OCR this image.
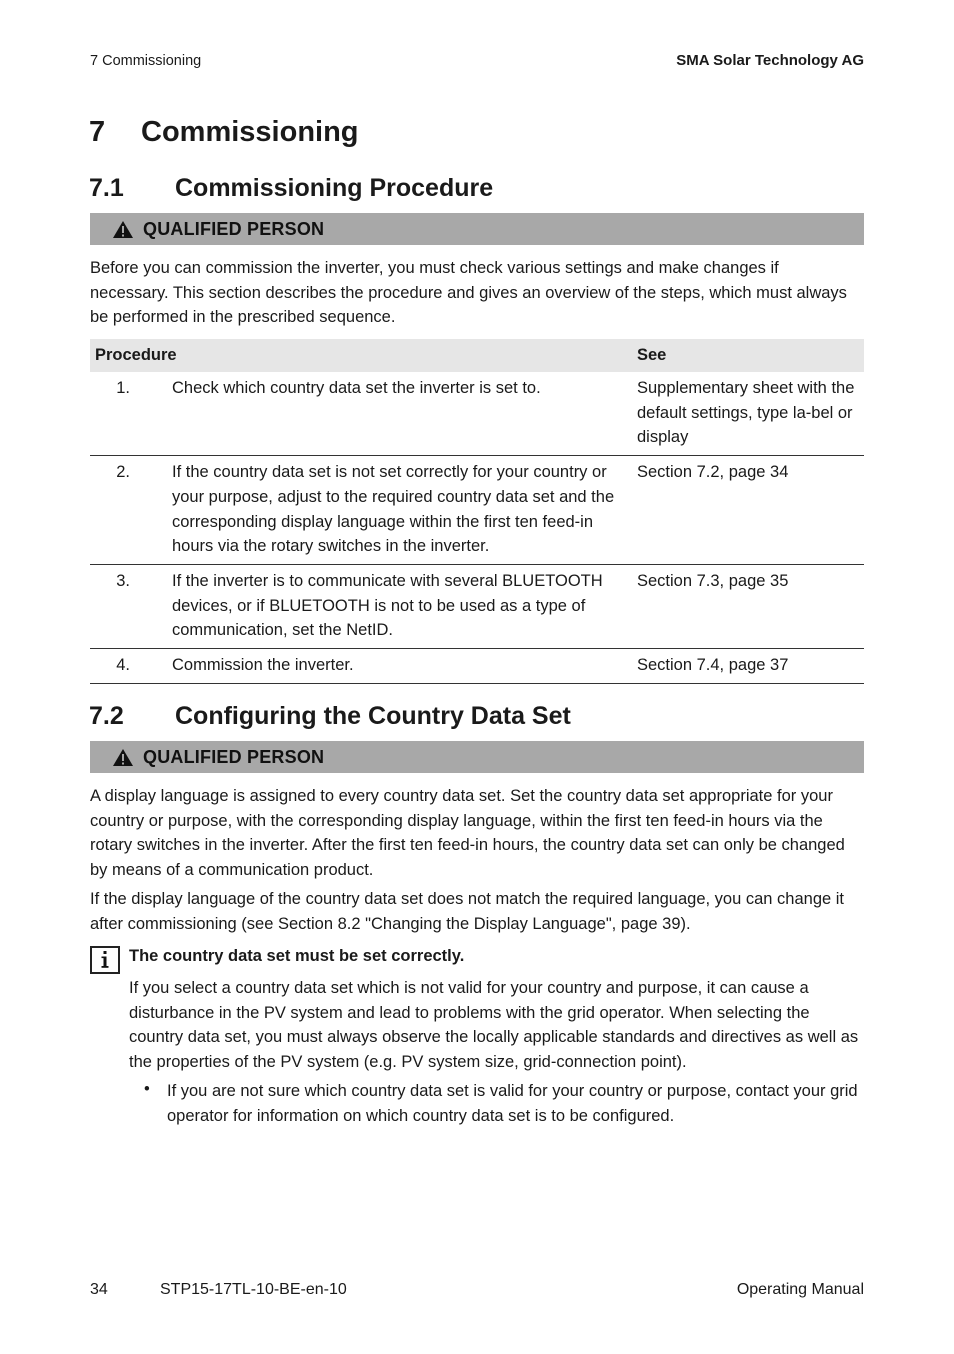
7 Commissioning	SMA Solar Technology AG
7	Commissioning
7.1	Commissioning Procedure
QUALIFIED PERSON
Before you can commission the inverter, you must check various settings and make changes if necessary. This section describes the procedure and gives an overview of the steps, which must always be performed in the prescribed sequence.
Procedure		See
1.	Check which country data set the inverter is set to.	Supplementary sheet with the default settings, type la-bel or display
2.	If the country data set is not set correctly for your country or your purpose, adjust to the required country data set and the corresponding display language within the first ten feed-in hours via the rotary switches in the inverter.	Section 7.2, page 34
3.	If the inverter is to communicate with several BLUETOOTH devices, or if BLUETOOTH is not to be used as a type of communication, set the NetID.	Section 7.3, page 35
4.	Commission the inverter.	Section 7.4, page 37
7.2	Configuring the Country Data Set
QUALIFIED PERSON
A display language is assigned to every country data set. Set the country data set appropriate for your country or purpose, with the corresponding display language, within the first ten feed-in hours via the rotary switches in the inverter. After the first ten feed-in hours, the country data set can only be changed by means of a communication product.
If the display language of the country data set does not match the required language, you can change it after commissioning (see Section 8.2 "Changing the Display Language", page 39).
The country data set must be set correctly.
If you select a country data set which is not valid for your country and purpose, it can cause a disturbance in the PV system and lead to problems with the grid operator. When selecting the country data set, you must always observe the locally applicable standards and directives as well as the properties of the PV system (e.g. PV system size, grid-connection point).
• If you are not sure which country data set is valid for your country or purpose, contact your grid operator for information on which country data set is to be configured.
34	STP15-17TL-10-BE-en-10	Operating Manual
